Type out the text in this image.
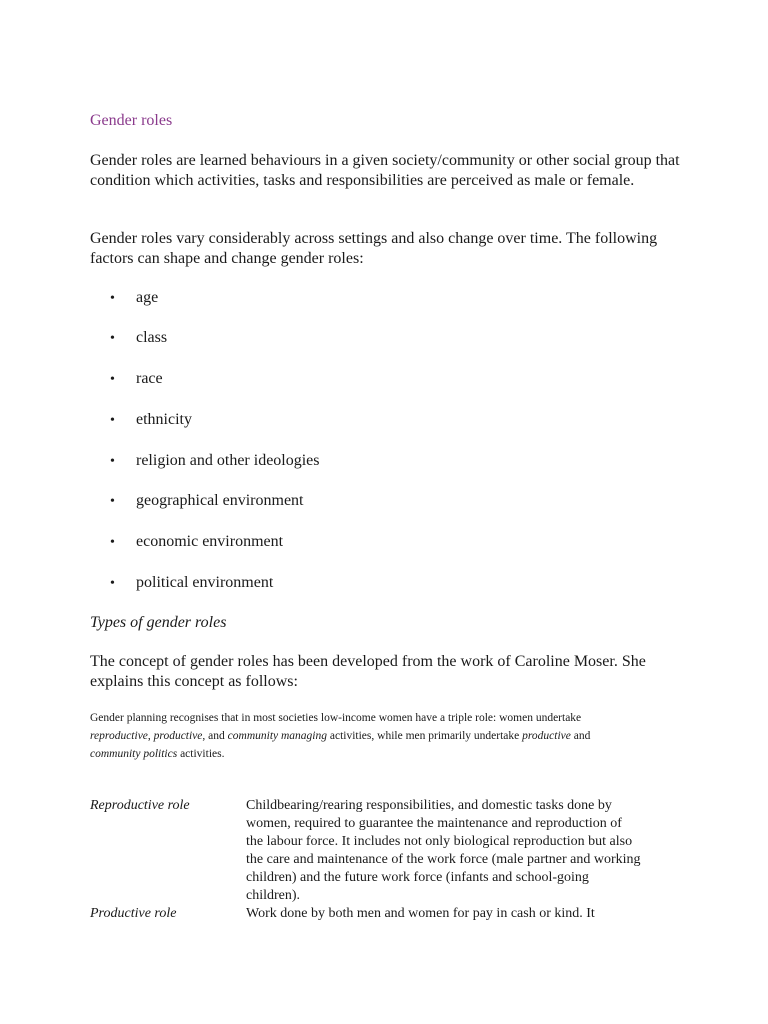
Gender roles

Gender roles are learned behaviours in a given society/community or other social group that condition which activities, tasks and responsibilities are perceived as male or female.

Gender roles vary considerably across settings and also change over time. The following factors can shape and change gender roles:

• age
• class
• race
• ethnicity
• religion and other ideologies
• geographical environment
• economic environment
• political environment
Types of gender roles

The concept of gender roles has been developed from the work of Caroline Moser. She explains this concept as follows:

Gender planning recognises that in most societies low-income women have a triple role: women undertake reproductive, productive, and community managing activities, while men primarily undertake productive and community politics activities.

Reproductive role	Childbearing/rearing responsibilities, and domestic tasks done by women, required to guarantee the maintenance and reproduction of the labour force. It includes not only biological reproduction but also the care and maintenance of the work force (male partner and working children) and the future work force (infants and school-going children).
Productive role	Work done by both men and women for pay in cash or kind. It
